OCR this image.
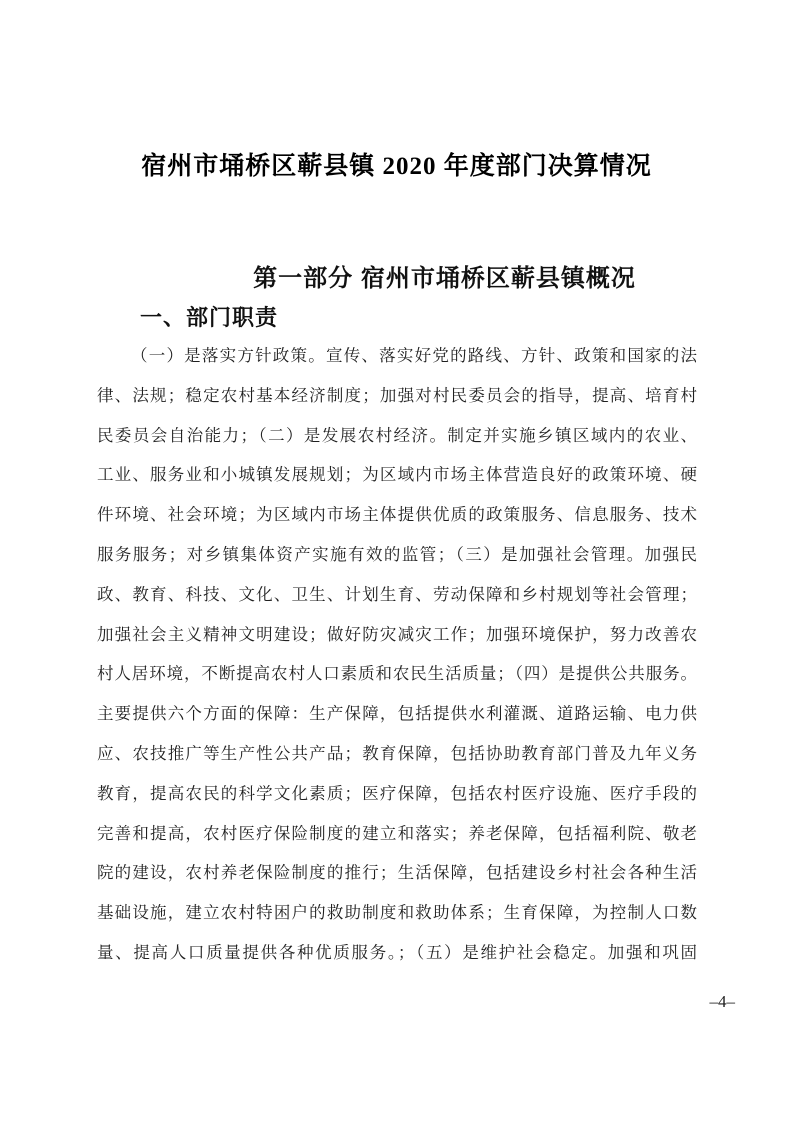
宿州市埇桥区蕲县镇 2020 年度部门决算情况
第一部分 宿州市埇桥区蕲县镇概况
一、部门职责
（一）是落实方针政策。宣传、落实好党的路线、方针、政策和国家的法
律、法规；稳定农村基本经济制度；加强对村民委员会的指导，提高、培育村
民委员会自治能力；（二）是发展农村经济。制定并实施乡镇区域内的农业、
工业、服务业和小城镇发展规划；为区域内市场主体营造良好的政策环境、硬
件环境、社会环境；为区域内市场主体提供优质的政策服务、信息服务、技术
服务服务；对乡镇集体资产实施有效的监管；（三）是加强社会管理。加强民
政、教育、科技、文化、卫生、计划生育、劳动保障和乡村规划等社会管理；
加强社会主义精神文明建设；做好防灾减灾工作；加强环境保护，努力改善农
村人居环境，不断提高农村人口素质和农民生活质量；（四）是提供公共服务。
主要提供六个方面的保障：生产保障，包括提供水利灌溉、道路运输、电力供
应、农技推广等生产性公共产品；教育保障，包括协助教育部门普及九年义务
教育，提高农民的科学文化素质；医疗保障，包括农村医疗设施、医疗手段的
完善和提高，农村医疗保险制度的建立和落实；养老保障，包括福利院、敬老
院的建设，农村养老保险制度的推行；生活保障，包括建设乡村社会各种生活
基础设施，建立农村特困户的救助制度和救助体系；生育保障，为控制人口数
量、提高人口质量提供各种优质服务。；（五）是维护社会稳定。加强和巩固
–4–
